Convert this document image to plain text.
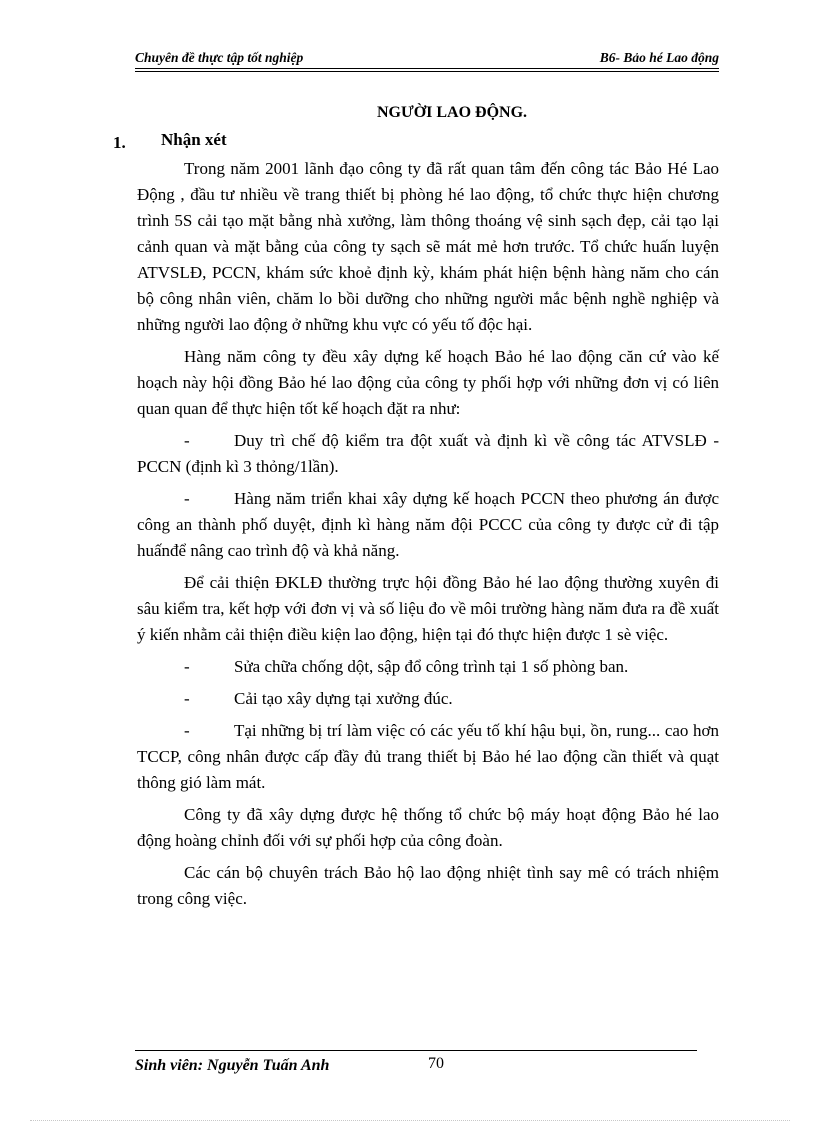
Chuyên đề thực tập tốt nghiệp	B6- Bảo hé Lao động
NGƯỜI LAO ĐỘNG.
1. Nhận xét

Trong năm 2001 lãnh đạo công ty đã rất quan tâm đến công tác Bảo Hé Lao Động , đầu tư nhiều về trang thiết bị phòng hé lao động, tổ chức thực hiện chương trình 5S cải tạo mặt bằng nhà xưởng, làm thông thoáng vệ sinh sạch đẹp, cải tạo lại cảnh quan và mặt bằng của công ty sạch sẽ mát mẻ hơn trước. Tổ chức huấn luyện ATVSLĐ, PCCN, khám sức khoẻ định kỳ, khám phát hiện bệnh hàng năm cho cán bộ công nhân viên, chăm lo bồi dưỡng cho những người mắc bệnh nghề nghiệp và những người lao động ở những khu vực có yếu tố độc hại.

Hàng năm công ty đều xây dựng kế hoạch Bảo hé lao động căn cứ vào kế hoạch này hội đồng Bảo hé lao động của công ty phối hợp với những đơn vị có liên quan quan để thực hiện tốt kế hoạch đặt ra như:

-	Duy trì chế độ kiểm tra đột xuất và định kì về công tác ATVSLĐ - PCCN (định kì 3 thỏng/1lần).
-	Hàng năm triển khai xây dựng kế hoạch PCCN theo phương án được công an thành phố duyệt, định kì hàng năm đội PCCC của công ty được cử đi tập huấnđể nâng cao trình độ và khả năng.

Để cải thiện ĐKLĐ thường trực hội đồng Bảo hé lao động thường xuyên đi sâu kiểm tra, kết hợp với đơn vị và số liệu đo về môi trường hàng năm đưa ra đề xuất ý kiến nhằm cải thiện điều kiện lao động, hiện tại đó thực hiện được 1 sè việc.

-	Sửa chữa chống dột, sập đổ công trình tại 1 số phòng ban.
-	Cải tạo xây dựng tại xưởng đúc.
-	Tại những bị trí làm việc có các yếu tố khí hậu bụi, ồn, rung... cao hơn TCCP, công nhân được cấp đầy đủ trang thiết bị Bảo hé lao động cần thiết và quạt thông gió làm mát.

Công ty đã xây dựng được hệ thống tổ chức bộ máy hoạt động Bảo hé lao động hoàng chỉnh đối với sự phối hợp của công đoàn.

Các cán bộ chuyên trách Bảo hộ lao động nhiệt tình say mê có trách nhiệm trong công việc.

Sinh viên: Nguyễn Tuấn Anh	70
